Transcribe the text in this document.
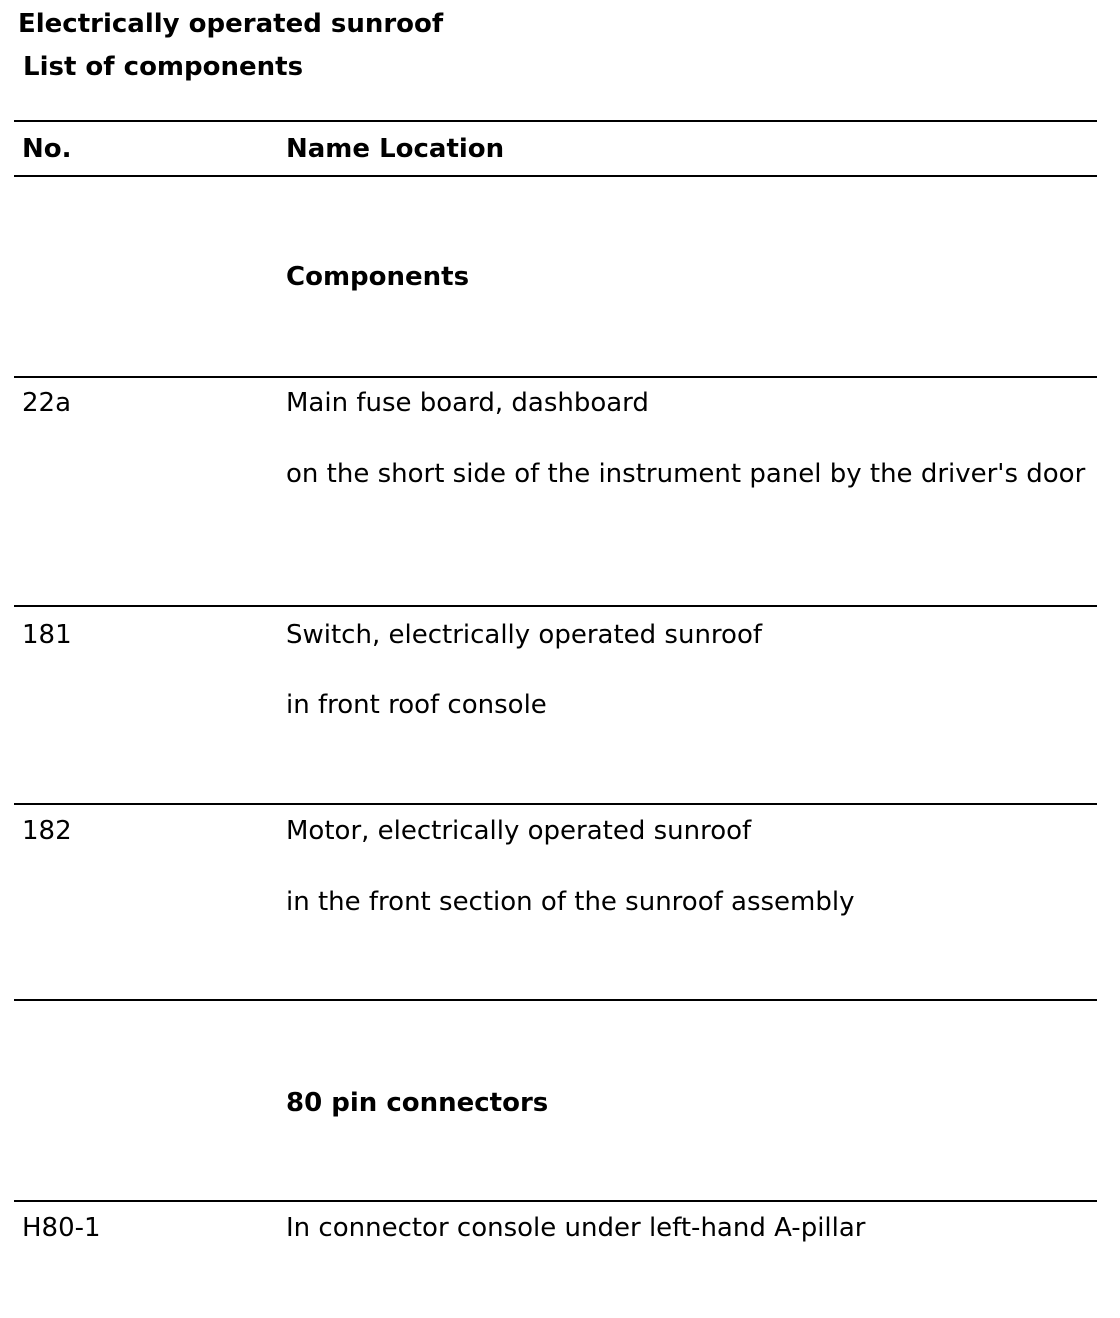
Electrically operated sunroof
List of components
No.	Name Location
Components
22a	Main fuse board, dashboard

on the short side of the instrument panel by the driver's door

181	Switch, electrically operated sunroof
in front roof console
182	Motor, electrically operated sunroof
in the front section of the sunroof assembly
80 pin connectors
H80-1	In connector console under left-hand A-pillar
